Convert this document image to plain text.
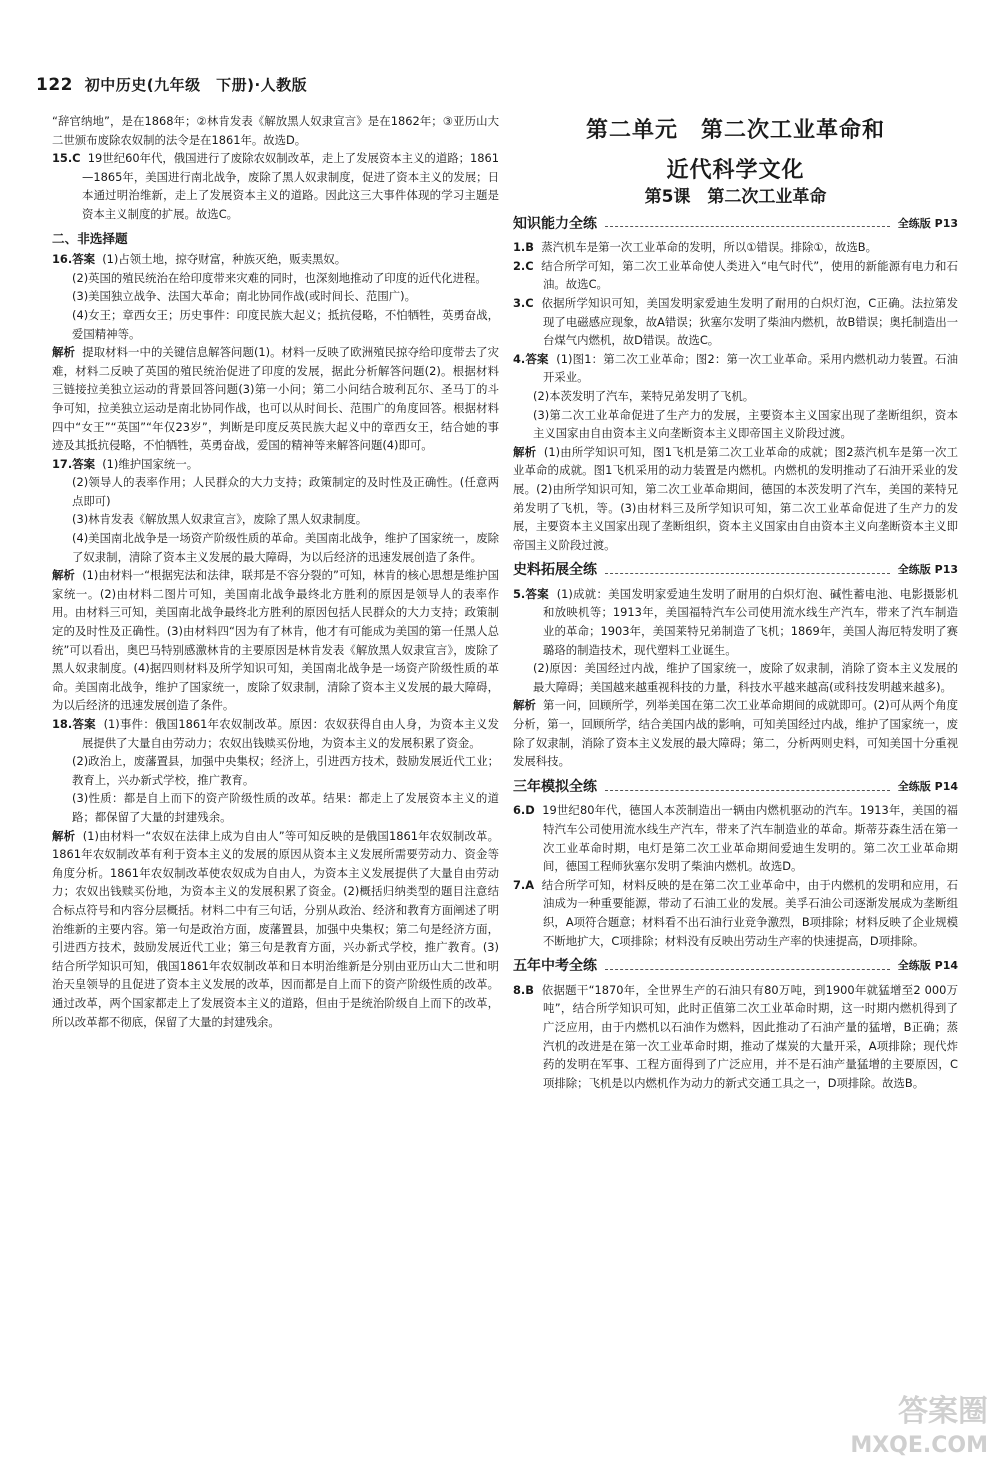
122 初中历史(九年级　下册)·人教版

“辞官纳地”，是在1868年；②林肯发表《解放黑人奴隶宣言》是在1862年；③亚历山大二世颁布废除农奴制的法令是在1861年。故选D。

15.C 19世纪60年代，俄国进行了废除农奴制改革，走上了发展资本主义的道路；1861—1865年，美国进行南北战争，废除了黑人奴隶制度，促进了资本主义的发展；日本通过明治维新，走上了发展资本主义的道路。因此这三大事件体现的学习主题是资本主义制度的扩展。故选C。

二、非选择题

16.答案 (1)占领土地，掠夺财富，种族灭绝，贩卖黑奴。

(2)英国的殖民统治在给印度带来灾难的同时，也深刻地推动了印度的近代化进程。

(3)美国独立战争、法国大革命；南北协同作战(或时间长、范围广)。

(4)女王；章西女王；历史事件：印度民族大起义；抵抗侵略，不怕牺牲，英勇奋战，爱国精神等。

解析 提取材料一中的关键信息解答问题(1)。材料一反映了欧洲殖民掠夺给印度带去了灾难，材料二反映了英国的殖民统治促进了印度的发展，据此分析解答问题(2)。根据材料三链接拉美独立运动的背景回答问题(3)第一小问；第二小问结合玻利瓦尔、圣马丁的斗争可知，拉美独立运动是南北协同作战，也可以从时间长、范围广的角度回答。根据材料四中“女王”“英国”“年仅23岁”，判断是印度反英民族大起义中的章西女王，结合她的事迹及其抵抗侵略，不怕牺牲，英勇奋战，爱国的精神等来解答问题(4)即可。

17.答案 (1)维护国家统一。

(2)领导人的表率作用；人民群众的大力支持；政策制定的及时性及正确性。(任意两点即可)

(3)林肯发表《解放黑人奴隶宣言》，废除了黑人奴隶制度。

(4)美国南北战争是一场资产阶级性质的革命。美国南北战争，维护了国家统一，废除了奴隶制，清除了资本主义发展的最大障碍，为以后经济的迅速发展创造了条件。

解析 (1)由材料一“根据宪法和法律，联邦是不容分裂的”可知，林肯的核心思想是维护国家统一。(2)由材料二图片可知，美国南北战争最终北方胜利的原因是领导人的表率作用。由材料三可知，美国南北战争最终北方胜利的原因包括人民群众的大力支持；政策制定的及时性及正确性。(3)由材料四“因为有了林肯，他才有可能成为美国的第一任黑人总统”可以看出，奥巴马特别感激林肯的主要原因是林肯发表《解放黑人奴隶宣言》，废除了黑人奴隶制度。(4)据四则材料及所学知识可知，美国南北战争是一场资产阶级性质的革命。美国南北战争，维护了国家统一，废除了奴隶制，清除了资本主义发展的最大障碍，为以后经济的迅速发展创造了条件。

18.答案 (1)事件：俄国1861年农奴制改革。原因：农奴获得自由人身，为资本主义发展提供了大量自由劳动力；农奴出钱赎买份地，为资本主义的发展积累了资金。

(2)政治上，废藩置县，加强中央集权；经济上，引进西方技术，鼓励发展近代工业；教育上，兴办新式学校，推广教育。

(3)性质：都是自上而下的资产阶级性质的改革。结果：都走上了发展资本主义的道路；都保留了大量的封建残余。

解析 (1)由材料一“农奴在法律上成为自由人”等可知反映的是俄国1861年农奴制改革。1861年农奴制改革有利于资本主义的发展的原因从资本主义发展所需要劳动力、资金等角度分析。1861年农奴制改革使农奴成为自由人，为资本主义发展提供了大量自由劳动力；农奴出钱赎买份地，为资本主义的发展积累了资金。(2)概括归纳类型的题目注意结合标点符号和内容分层概括。材料二中有三句话，分别从政治、经济和教育方面阐述了明治维新的主要内容。第一句是政治方面，废藩置县，加强中央集权；第二句是经济方面，引进西方技术，鼓励发展近代工业；第三句是教育方面，兴办新式学校，推广教育。(3)结合所学知识可知，俄国1861年农奴制改革和日本明治维新是分别由亚历山大二世和明治天皇领导的且促进了资本主义发展的改革，因而都是自上而下的资产阶级性质的改革。通过改革，两个国家都走上了发展资本主义的道路，但由于是统治阶级自上而下的改革，所以改革都不彻底，保留了大量的封建残余。

第二单元　第二次工业革命和
近代科学文化
第5课　第二次工业革命
知识能力全练	全练版 P13

1.B 蒸汽机车是第一次工业革命的发明，所以①错误。排除①，故选B。

2.C 结合所学可知，第二次工业革命使人类进入“电气时代”，使用的新能源有电力和石油。故选C。

3.C 依据所学知识可知，美国发明家爱迪生发明了耐用的白炽灯泡，C正确。法拉第发现了电磁感应现象，故A错误；狄塞尔发明了柴油内燃机，故B错误；奥托制造出一台煤气内燃机，故D错误。故选C。

4.答案 (1)图1：第二次工业革命；图2：第一次工业革命。采用内燃机动力装置。石油开采业。

(2)本茨发明了汽车，莱特兄弟发明了飞机。

(3)第二次工业革命促进了生产力的发展，主要资本主义国家出现了垄断组织，资本主义国家由自由资本主义向垄断资本主义即帝国主义阶段过渡。

解析 (1)由所学知识可知，图1飞机是第二次工业革命的成就；图2蒸汽机车是第一次工业革命的成就。图1飞机采用的动力装置是内燃机。内燃机的发明推动了石油开采业的发展。(2)由所学知识可知，第二次工业革命期间，德国的本茨发明了汽车，美国的莱特兄弟发明了飞机，等。(3)由材料三及所学知识可知，第二次工业革命促进了生产力的发展，主要资本主义国家出现了垄断组织，资本主义国家由自由资本主义向垄断资本主义即帝国主义阶段过渡。

史料拓展全练	全练版 P13

5.答案 (1)成就：美国发明家爱迪生发明了耐用的白炽灯泡、碱性蓄电池、电影摄影机和放映机等；1913年，美国福特汽车公司使用流水线生产汽车，带来了汽车制造业的革命；1903年，美国莱特兄弟制造了飞机；1869年，美国人海厄特发明了赛璐珞的制造技术，现代塑料工业诞生。

(2)原因：美国经过内战，维护了国家统一，废除了奴隶制，消除了资本主义发展的最大障碍；美国越来越重视科技的力量，科技水平越来越高(或科技发明越来越多)。

解析 第一问，回顾所学，列举美国在第二次工业革命期间的成就即可。(2)可从两个角度分析，第一，回顾所学，结合美国内战的影响，可知美国经过内战，维护了国家统一，废除了奴隶制，消除了资本主义发展的最大障碍；第二，分析两则史料，可知美国十分重视发展科技。

三年模拟全练	全练版 P14

6.D 19世纪80年代，德国人本茨制造出一辆由内燃机驱动的汽车。1913年，美国的福特汽车公司使用流水线生产汽车，带来了汽车制造业的革命。斯蒂芬森生活在第一次工业革命时期，电灯是第二次工业革命期间爱迪生发明的。第二次工业革命期间，德国工程师狄塞尔发明了柴油内燃机。故选D。

7.A 结合所学可知，材料反映的是在第二次工业革命中，由于内燃机的发明和应用，石油成为一种重要能源，带动了石油工业的发展。美孚石油公司逐渐发展成为垄断组织，A项符合题意；材料看不出石油行业竞争激烈，B项排除；材料反映了企业规模不断地扩大，C项排除；材料没有反映出劳动生产率的快速提高，D项排除。

五年中考全练	全练版 P14

8.B 依据题干“1870年，全世界生产的石油只有80万吨，到1900年就猛增至2 000万吨”，结合所学知识可知，此时正值第二次工业革命时期，这一时期内燃机得到了广泛应用，由于内燃机以石油作为燃料，因此推动了石油产量的猛增，B正确；蒸汽机的改进是在第一次工业革命时期，推动了煤炭的大量开采，A项排除；现代炸药的发明在军事、工程方面得到了广泛应用，并不是石油产量猛增的主要原因，C项排除；飞机是以内燃机作为动力的新式交通工具之一，D项排除。故选B。

答案圈
MXQE.COM
